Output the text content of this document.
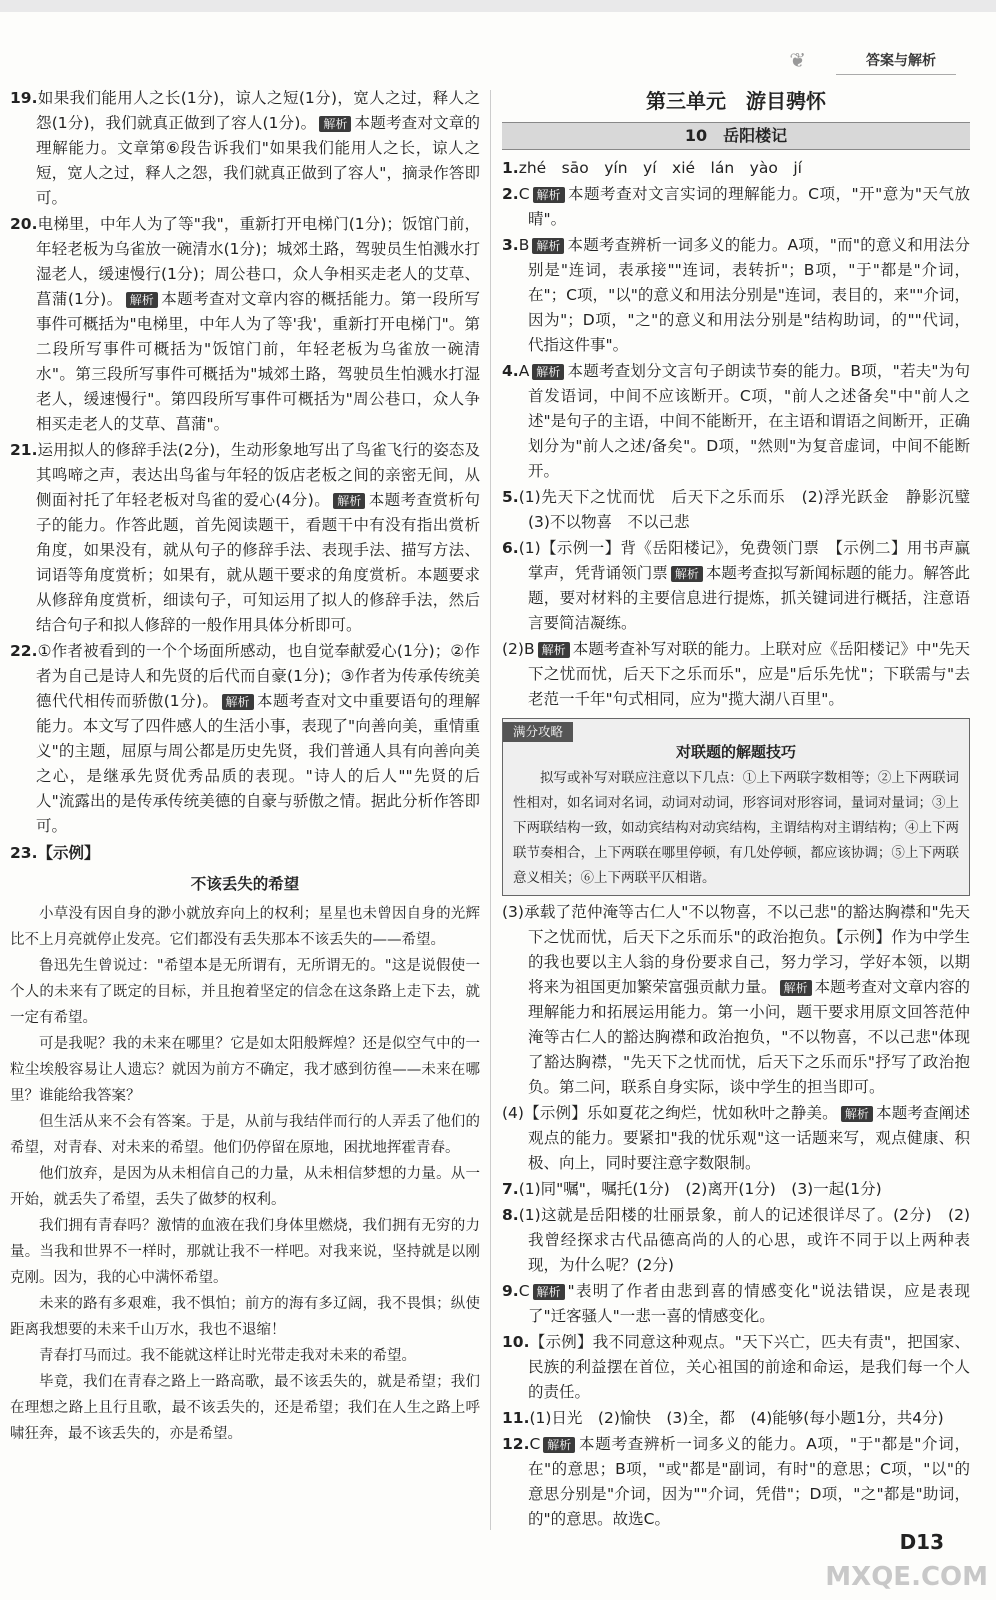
❦	答案与解析

19.如果我们能用人之长(1分)，谅人之短(1分)，宽人之过，释人之怨(1分)，我们就真正做到了容人(1分)。 解析 本题考查对文章的理解能力。文章第⑥段告诉我们"如果我们能用人之长，谅人之短，宽人之过，释人之怨，我们就真正做到了容人"，摘录作答即可。

20.电梯里，中年人为了等"我"，重新打开电梯门(1分)；饭馆门前，年轻老板为乌雀放一碗清水(1分)；城郊土路，驾驶员生怕溅水打湿老人，缓速慢行(1分)；周公巷口，众人争相买走老人的艾草、菖蒲(1分)。 解析 本题考查对文章内容的概括能力。第一段所写事件可概括为"电梯里，中年人为了等'我'，重新打开电梯门"。第二段所写事件可概括为"饭馆门前，年轻老板为乌雀放一碗清水"。第三段所写事件可概括为"城郊土路，驾驶员生怕溅水打湿老人，缓速慢行"。第四段所写事件可概括为"周公巷口，众人争相买走老人的艾草、菖蒲"。

21.运用拟人的修辞手法(2分)，生动形象地写出了鸟雀飞行的姿态及其鸣啼之声，表达出鸟雀与年轻的饭店老板之间的亲密无间，从侧面衬托了年轻老板对鸟雀的爱心(4分)。 解析 本题考查赏析句子的能力。作答此题，首先阅读题干，看题干中有没有指出赏析角度，如果没有，就从句子的修辞手法、表现手法、描写方法、词语等角度赏析；如果有，就从题干要求的角度赏析。本题要求从修辞角度赏析，细读句子，可知运用了拟人的修辞手法，然后结合句子和拟人修辞的一般作用具体分析即可。

22.①作者被看到的一个个场面所感动，也自觉奉献爱心(1分)；②作者为自己是诗人和先贤的后代而自豪(1分)；③作者为传承传统美德代代相传而骄傲(1分)。 解析 本题考查对文中重要语句的理解能力。本文写了四件感人的生活小事，表现了"向善向美，重情重义"的主题，屈原与周公都是历史先贤，我们普通人具有向善向美之心，是继承先贤优秀品质的表现。"诗人的后人""先贤的后人"流露出的是传承传统美德的自豪与骄傲之情。据此分析作答即可。

23.【示例】

不该丢失的希望

小草没有因自身的渺小就放弃向上的权利；星星也未曾因自身的光辉比不上月亮就停止发亮。它们都没有丢失那本不该丢失的——希望。

鲁迅先生曾说过："希望本是无所谓有，无所谓无的。"这是说假使一个人的未来有了既定的目标，并且抱着坚定的信念在这条路上走下去，就一定有希望。

可是我呢？我的未来在哪里？它是如太阳般辉煌？还是似空气中的一粒尘埃般容易让人遗忘？就因为前方不确定，我才感到彷徨——未来在哪里？谁能给我答案？

但生活从来不会有答案。于是，从前与我结伴而行的人弄丢了他们的希望，对青春、对未来的希望。他们仍停留在原地，困扰地挥霍青春。

他们放弃，是因为从未相信自己的力量，从未相信梦想的力量。从一开始，就丢失了希望，丢失了做梦的权利。

我们拥有青春吗？激情的血液在我们身体里燃烧，我们拥有无穷的力量。当我和世界不一样时，那就让我不一样吧。对我来说，坚持就是以刚克刚。因为，我的心中满怀希望。

未来的路有多艰难，我不惧怕；前方的海有多辽阔，我不畏惧；纵使距离我想要的未来千山万水，我也不退缩！

青春打马而过。我不能就这样让时光带走我对未来的希望。

毕竟，我们在青春之路上一路高歌，最不该丢失的，就是希望；我们在理想之路上且行且歌，最不该丢失的，还是希望；我们在人生之路上呼啸狂奔，最不该丢失的，亦是希望。

第三单元　游目骋怀
10　岳阳楼记

1.zhé　sāo　yín　yí　xié　lán　yào　jí

2.C 解析 本题考查对文言实词的理解能力。C项，"开"意为"天气放晴"。

3.B 解析 本题考查辨析一词多义的能力。A项，"而"的意义和用法分别是"连词，表承接""连词，表转折"；B项，"于"都是"介词，在"；C项，"以"的意义和用法分别是"连词，表目的，来""介词，因为"；D项，"之"的意义和用法分别是"结构助词，的""代词，代指这件事"。

4.A 解析 本题考查划分文言句子朗读节奏的能力。B项，"若夫"为句首发语词，中间不应该断开。C项，"前人之述备矣"中"前人之述"是句子的主语，中间不能断开，在主语和谓语之间断开，正确划分为"前人之述/备矣"。D项，"然则"为复音虚词，中间不能断开。

5.(1)先天下之忧而忧　后天下之乐而乐　(2)浮光跃金　静影沉璧　(3)不以物喜　不以己悲

6.(1)【示例一】背《岳阳楼记》，免费领门票　【示例二】用书声赢掌声，凭背诵领门票 解析 本题考查拟写新闻标题的能力。解答此题，要对材料的主要信息进行提炼，抓关键词进行概括，注意语言要简洁凝练。

(2)B 解析 本题考查补写对联的能力。上联对应《岳阳楼记》中"先天下之忧而忧，后天下之乐而乐"，应是"后乐先忧"；下联需与"去老范一千年"句式相同，应为"揽大湖八百里"。

满分攻略
对联题的解题技巧
拟写或补写对联应注意以下几点：①上下两联字数相等；②上下两联词性相对，如名词对名词，动词对动词，形容词对形容词，量词对量词；③上下两联结构一致，如动宾结构对动宾结构，主谓结构对主谓结构；④上下两联节奏相合，上下两联在哪里停顿，有几处停顿，都应该协调；⑤上下两联意义相关；⑥上下两联平仄相谐。

(3)承载了范仲淹等古仁人"不以物喜，不以己悲"的豁达胸襟和"先天下之忧而忧，后天下之乐而乐"的政治抱负。【示例】作为中学生的我也要以主人翁的身份要求自己，努力学习，学好本领，以期将来为祖国更加繁荣富强贡献力量。 解析 本题考查对文章内容的理解能力和拓展运用能力。第一小问，题干要求用原文回答范仲淹等古仁人的豁达胸襟和政治抱负，"不以物喜，不以己悲"体现了豁达胸襟，"先天下之忧而忧，后天下之乐而乐"抒写了政治抱负。第二问，联系自身实际，谈中学生的担当即可。

(4)【示例】乐如夏花之绚烂，忧如秋叶之静美。 解析 本题考查阐述观点的能力。要紧扣"我的忧乐观"这一话题来写，观点健康、积极、向上，同时要注意字数限制。

7.(1)同"嘱"，嘱托(1分)　(2)离开(1分)　(3)一起(1分)

8.(1)这就是岳阳楼的壮丽景象，前人的记述很详尽了。(2分)　(2)我曾经探求古代品德高尚的人的心思，或许不同于以上两种表现，为什么呢？(2分)

9.C 解析 "表明了作者由悲到喜的情感变化"说法错误，应是表现了"迁客骚人"一悲一喜的情感变化。

10.【示例】我不同意这种观点。"天下兴亡，匹夫有责"，把国家、民族的利益摆在首位，关心祖国的前途和命运，是我们每一个人的责任。

11.(1)日光　(2)愉快　(3)全，都　(4)能够(每小题1分，共4分)

12.C 解析 本题考查辨析一词多义的能力。A项，"于"都是"介词，在"的意思；B项，"或"都是"副词，有时"的意思；C项，"以"的意思分别是"介词，因为""介词，凭借"；D项，"之"都是"助词，的"的意思。故选C。

D13
MXQE.COM
